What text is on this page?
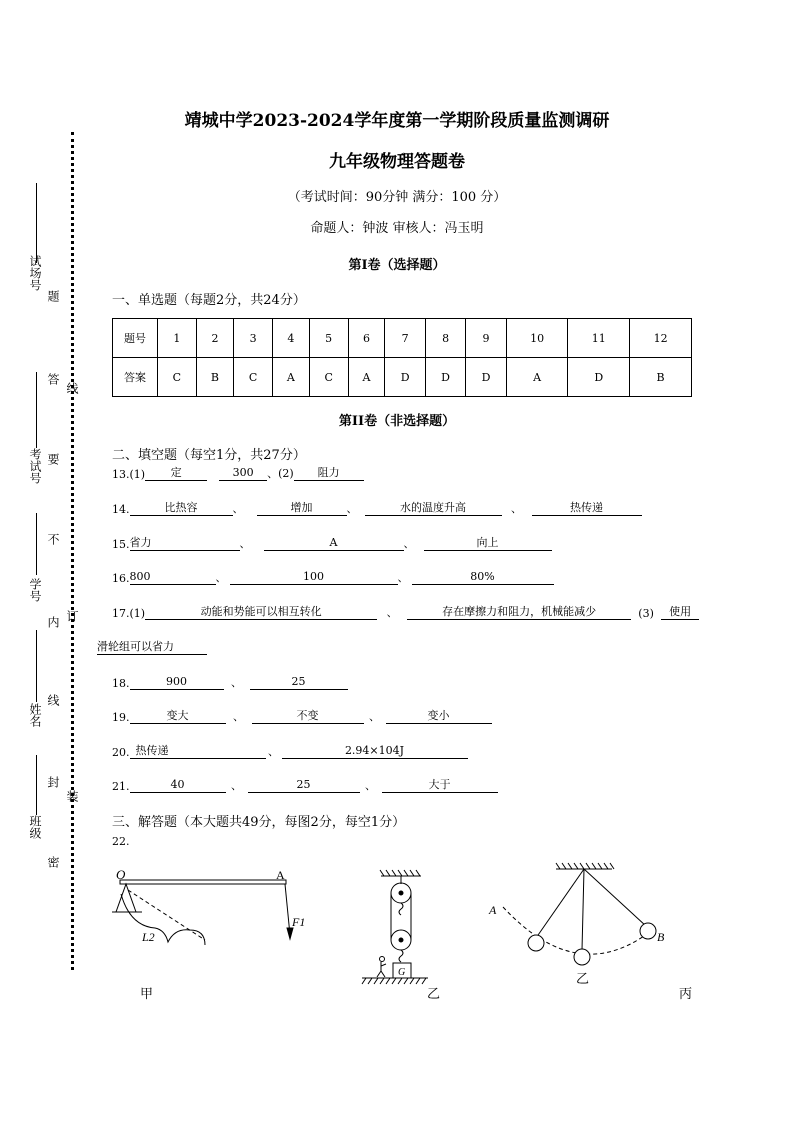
试场号
考试号
学号
姓名
班级
题
答
要
不
内
线
封
密
线
订
装
靖城中学2023-2024学年度第一学期阶段质量监测调研
九年级物理答题卷
（考试时间：90分钟 满分：100 分）
命题人：钟波 审核人：冯玉明
第Ⅰ卷（选择题）
一、单选题（每题2分，共24分）
题号	1	2	3	4	5	6	7	8	9	10	11	12
答案	C	B	C	A	C	A	D	D	D	A	D	B
第II卷（非选择题）
二、填空题（每空1分，共27分）
13.(1)	定	300	、(2)	阻力
14.	比热容	、	增加	、	水的温度升高	、	热传递
15. 省力	、	A	、	向上
16. 800	、	100	、	80%
17.(1)	动能和势能可以相互转化	、	存在摩擦力和阻力，机械能减少	(3)	使用
滑轮组可以省力
18.	900	、	25
19.	变大	、	不变	、	变小
20. 热传递	、	2.94×104J
21.	40	、	25	、	大于
三、解答题（本大题共49分，每图2分，每空1分）
22.
O	A
L2
F1
甲
G
乙
A
乙
B
丙
